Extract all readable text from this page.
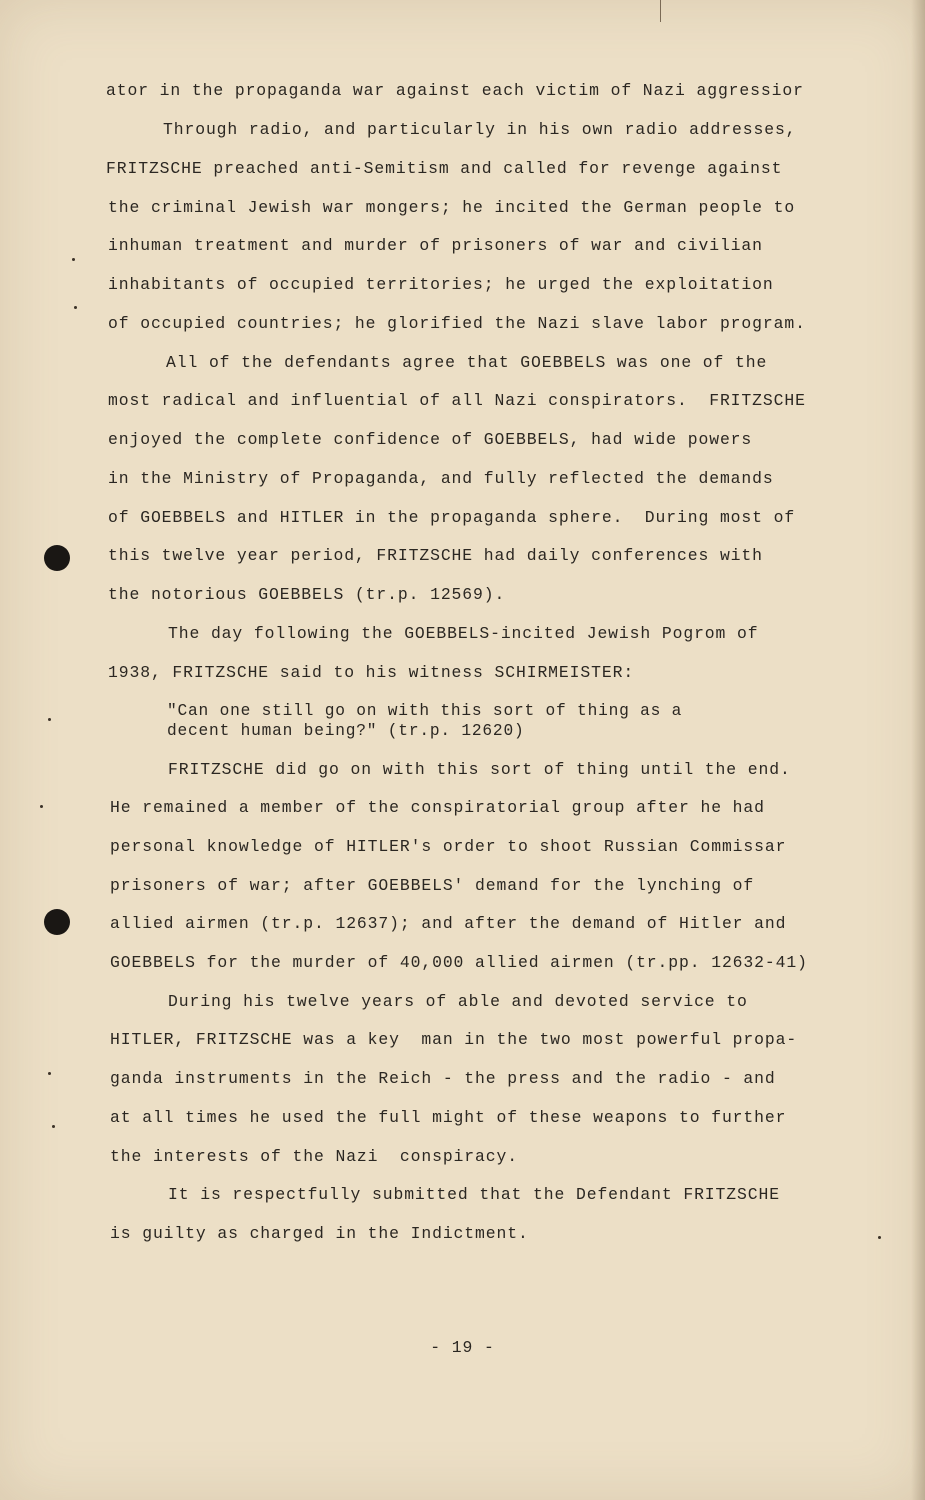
ator in the propaganda war against each victim of Nazi aggressior

Through radio, and particularly in his own radio addresses,

FRITZSCHE preached anti-Semitism and called for revenge against

the criminal Jewish war mongers; he incited the German people to

inhuman treatment and murder of prisoners of war and civilian

inhabitants of occupied territories; he urged the exploitation

of occupied countries; he glorified the Nazi slave labor program.

All of the defendants agree that GOEBBELS was one of the

most radical and influential of all Nazi conspirators.  FRITZSCHE

enjoyed the complete confidence of GOEBBELS, had wide powers

in the Ministry of Propaganda, and fully reflected the demands

of GOEBBELS and HITLER in the propaganda sphere.  During most of

this twelve year period, FRITZSCHE had daily conferences with

the notorious GOEBBELS (tr.p. 12569).

The day following the GOEBBELS-incited Jewish Pogrom of

1938, FRITZSCHE said to his witness SCHIRMEISTER:

"Can one still go on with this sort of thing as a

decent human being?" (tr.p. 12620)

FRITZSCHE did go on with this sort of thing until the end.

He remained a member of the conspiratorial group after he had

personal knowledge of HITLER's order to shoot Russian Commissar

prisoners of war; after GOEBBELS' demand for the lynching of

allied airmen (tr.p. 12637); and after the demand of Hitler and

GOEBBELS for the murder of 40,000 allied airmen (tr.pp. 12632-41)

During his twelve years of able and devoted service to

HITLER, FRITZSCHE was a key  man in the two most powerful propa-

ganda instruments in the Reich - the press and the radio - and

at all times he used the full might of these weapons to further

the interests of the Nazi  conspiracy.

It is respectfully submitted that the Defendant FRITZSCHE

is guilty as charged in the Indictment.

- 19 -
